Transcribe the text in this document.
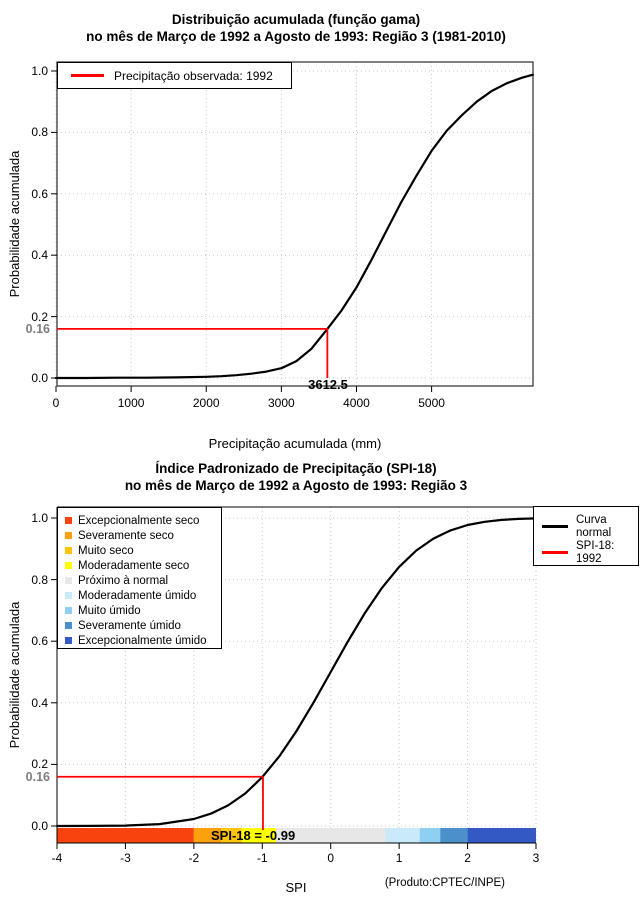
Distribuição acumulada (função gama)
no mês de Março de 1992 a Agosto de 1993: Região 3 (1981-2010)
Probabilidade acumulada
Precipitação acumulada (mm)
Precipitação observada: 1992
0.16
3612.5
Índice Padronizado de Precipitação (SPI-18)
no mês de Março de 1992 a Agosto de 1993: Região 3
Probabilidade acumulada
SPI
Excepcionalmente seco
Severamente seco
Muito seco
Moderadamente seco
Próximo à normal
Moderadamente úmido
Muito úmido
Severamente úmido
Excepcionalmente úmido
Curva normal
SPI-18: 1992
0.16
SPI-18 = -0.99
(Produto:CPTEC/INPE)
0	1000	2000	3000	4000	5000
0.0
0.2
0.4
0.6
0.8
1.0
-4	-3	-2	-1	0	1	2	3
0.0
0.2
0.4
0.6
0.8
1.0
